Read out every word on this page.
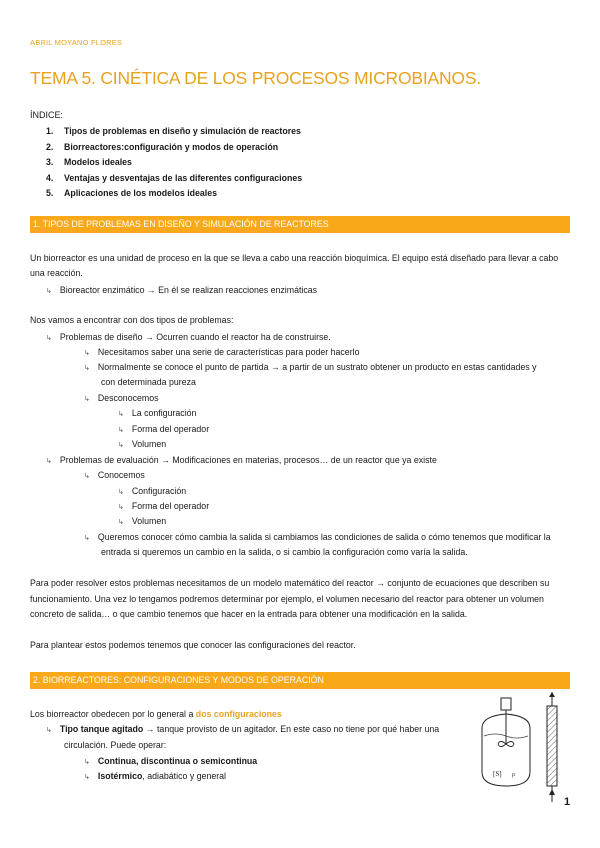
ABRIL MOYANO FLORES
TEMA 5. CINÉTICA DE LOS PROCESOS MICROBIANOS.
ÍNDICE:
1. Tipos de problemas en diseño y simulación de reactores
2. Biorreactores:configuración y modos de operación
3. Modelos ideales
4. Ventajas y desventajas de las diferentes configuraciones
5. Aplicaciones de los modelos ideales
1. TIPOS DE PROBLEMAS EN DISEÑO Y SIMULACIÓN DE REACTORES
Un biorreactor es una unidad de proceso en la que se lleva a cabo una reacción bioquímica. El equipo está diseñado para llevar a cabo
una reacción.
↳ Bioreactor enzimático → En él se realizan reacciones enzimáticas
Nos vamos a encontrar con dos tipos de problemas:
↳ Problemas de diseño → Ocurren cuando el reactor ha de construirse.
↳ Necesitamos saber una serie de características para poder hacerlo
↳ Normalmente se conoce el punto de partida → a partir de un sustrato obtener un producto en estas cantidades y
con determinada pureza
↳ Desconocemos
↳ La configuración
↳ Forma del operador
↳ Volumen
↳ Problemas de evaluación → Modificaciones en materias, procesos… de un reactor que ya existe
↳ Conocemos
↳ Configuración
↳ Forma del operador
↳ Volumen
↳ Queremos conocer cómo cambia la salida si cambiamos las condiciones de salida o cómo tenemos que modificar la
entrada si queremos un cambio en la salida, o si cambio la configuración como varía la salida.
Para poder resolver estos problemas necesitamos de un modelo matemático del reactor → conjunto de ecuaciones que describen su
funcionamiento. Una vez lo tengamos podremos determinar por ejemplo, el volumen necesario del reactor para obtener un volumen
concreto de salida… o que cambio tenemos que hacer en la entrada para obtener una modificación en la salida.
Para plantear estos podemos tenemos que conocer las configuraciones del reactor.
2. BIORREACTORES: CONFIGURACIONES Y MODOS DE OPERACIÓN
Los biorreactor obedecen por lo general a dos configuraciones
↳ Tipo tanque agitado → tanque provisto de un agitador. En este caso no tiene por qué haber una
circulación. Puede operar:
↳ Continua, discontinua o semicontinua
↳ Isotérmico, adiabático y general	[S] ρ
1
